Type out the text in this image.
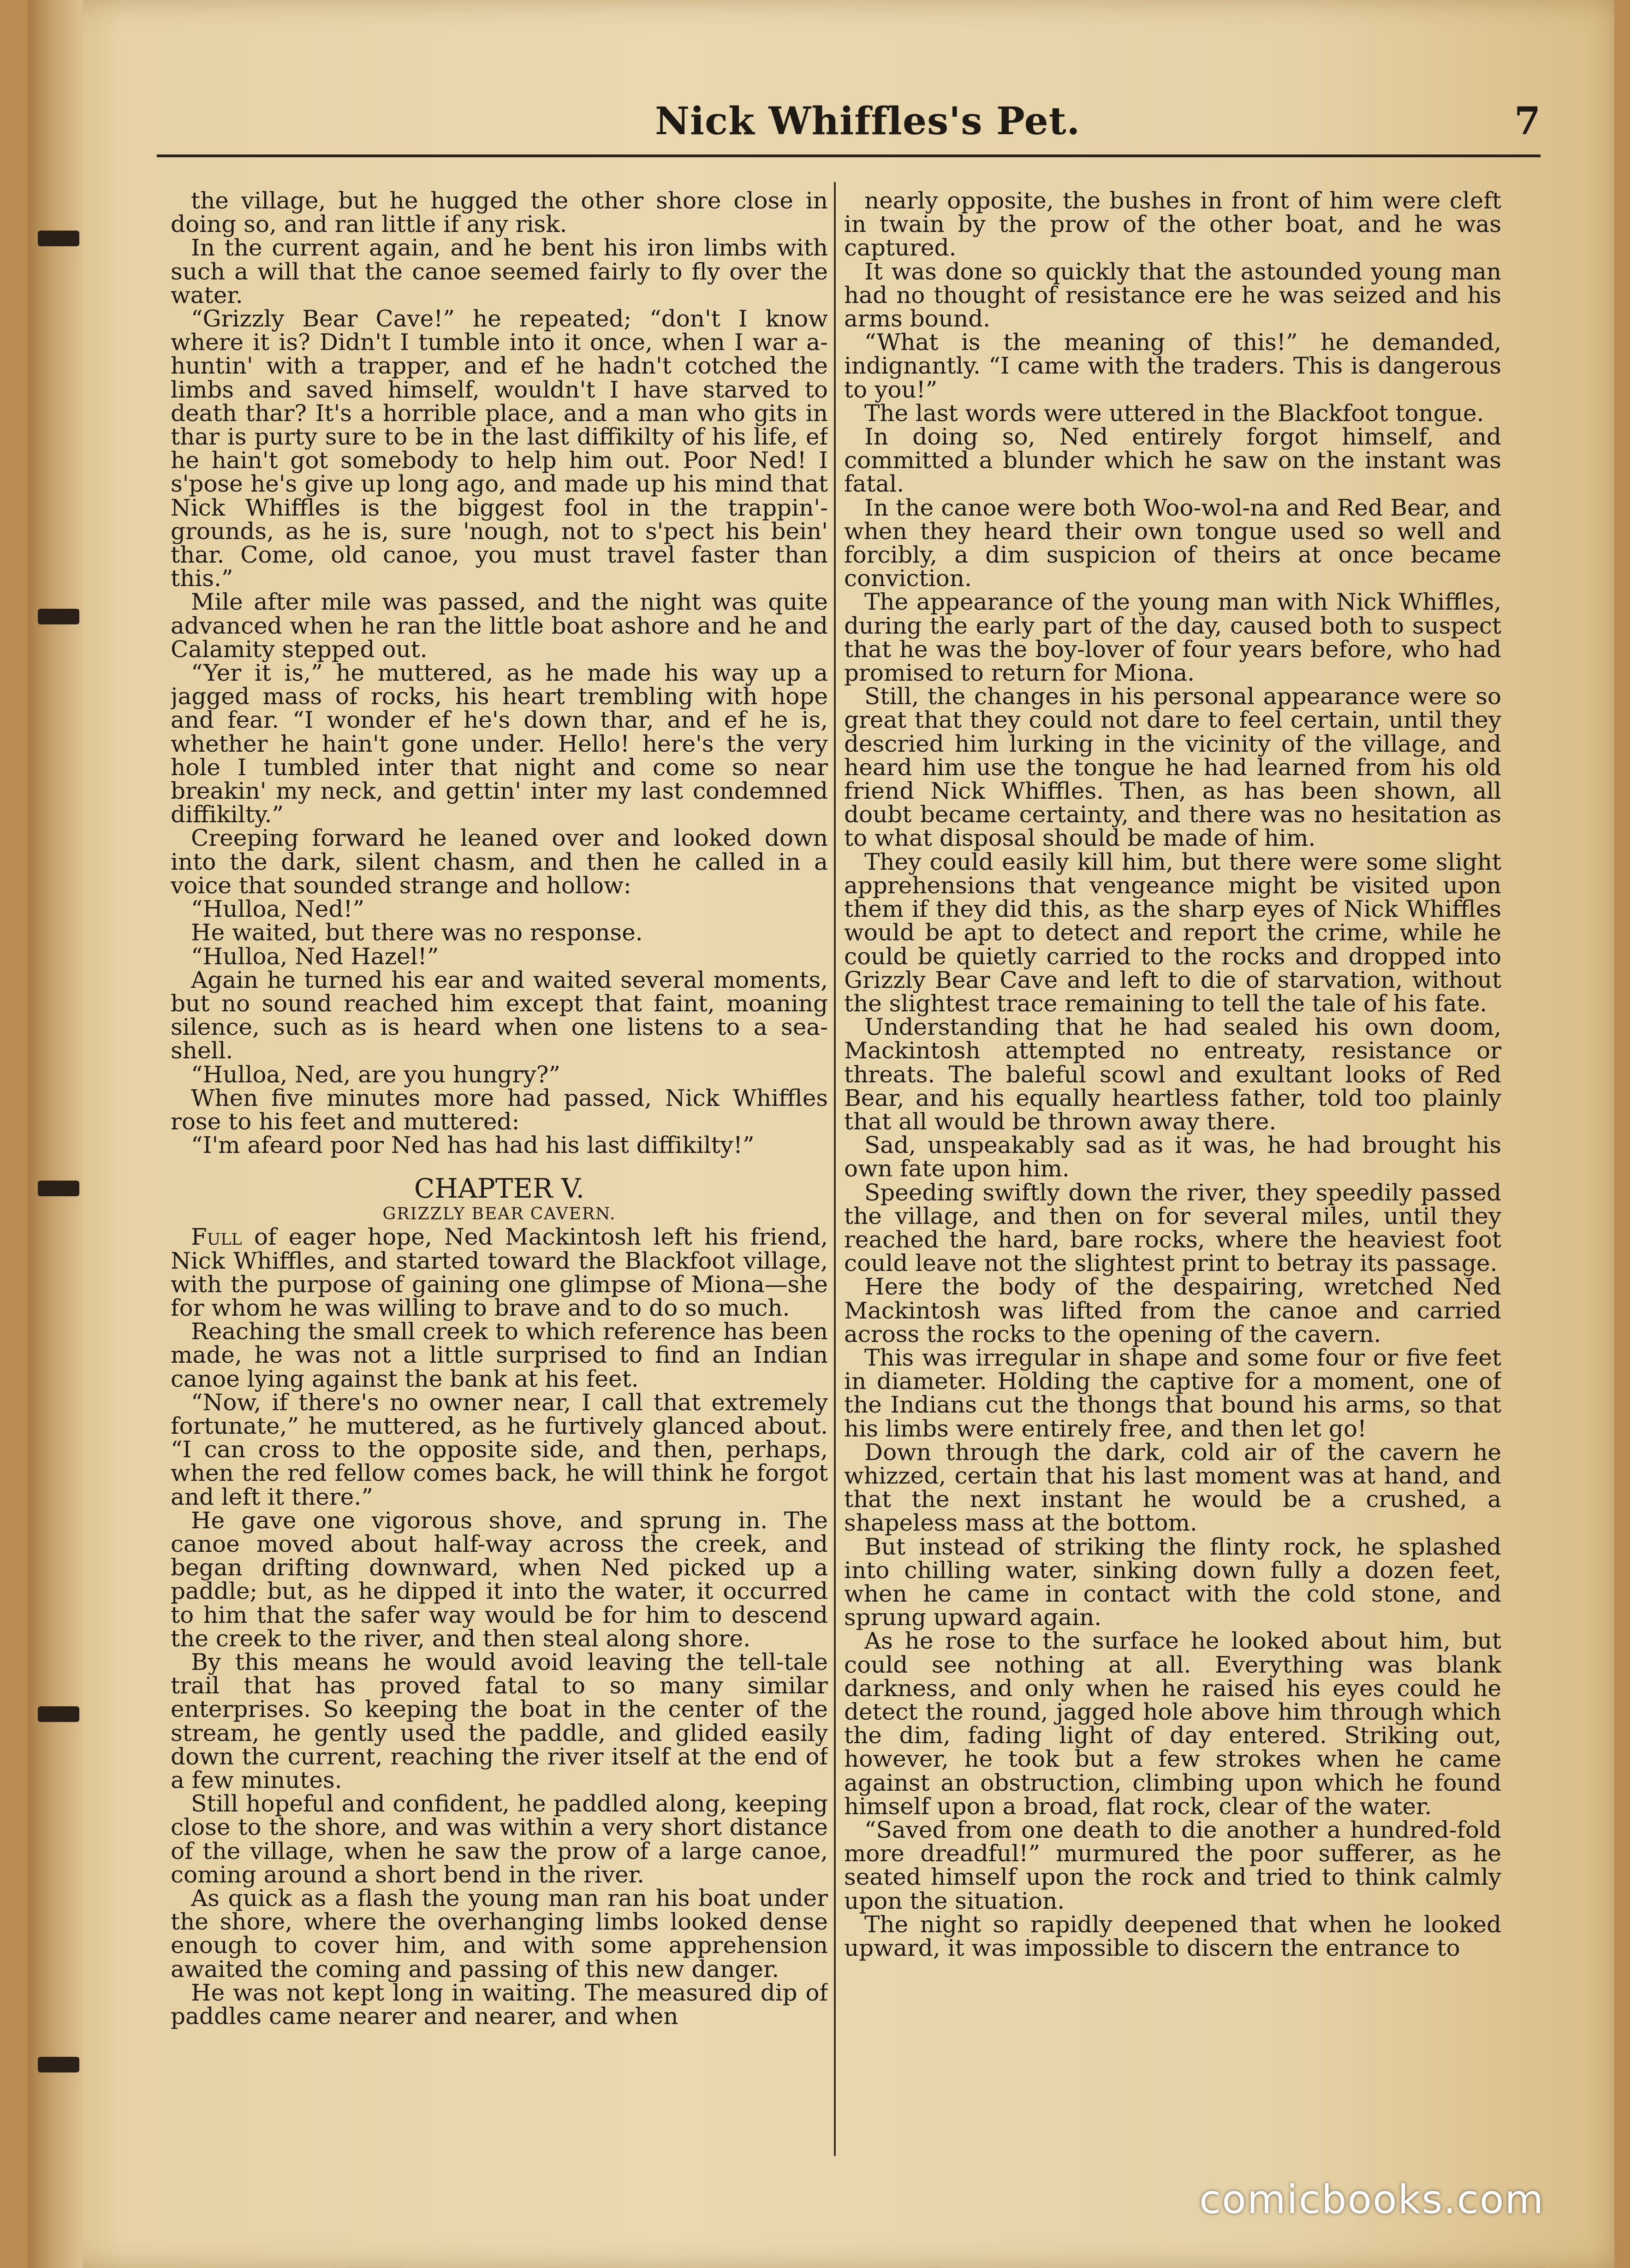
Nick Whiffles's Pet.	7

the village, but he hugged the other shore close in doing so, and ran little if any risk.

In the current again, and he bent his iron limbs with such a will that the canoe seemed fairly to fly over the water.

“Grizzly Bear Cave!” he repeated; “don't I know where it is? Didn't I tumble into it once, when I war a-huntin' with a trapper, and ef he hadn't cotched the limbs and saved himself, wouldn't I have starved to death thar? It's a horrible place, and a man who gits in thar is purty sure to be in the last diffikilty of his life, ef he hain't got somebody to help him out. Poor Ned! I s'pose he's give up long ago, and made up his mind that Nick Whiffles is the biggest fool in the trappin'-grounds, as he is, sure 'nough, not to s'pect his bein' thar. Come, old canoe, you must travel faster than this.”

Mile after mile was passed, and the night was quite advanced when he ran the little boat ashore and he and Calamity stepped out.

“Yer it is,” he muttered, as he made his way up a jagged mass of rocks, his heart trembling with hope and fear. “I wonder ef he's down thar, and ef he is, whether he hain't gone under. Hello! here's the very hole I tumbled inter that night and come so near breakin' my neck, and gettin' inter my last condemned diffikilty.”

Creeping forward he leaned over and looked down into the dark, silent chasm, and then he called in a voice that sounded strange and hollow:

“Hulloa, Ned!”

He waited, but there was no response.

“Hulloa, Ned Hazel!”

Again he turned his ear and waited several moments, but no sound reached him except that faint, moaning silence, such as is heard when one listens to a sea-shell.

“Hulloa, Ned, are you hungry?”

When five minutes more had passed, Nick Whiffles rose to his feet and muttered:

“I'm afeard poor Ned has had his last diffikilty!”

CHAPTER V.

GRIZZLY BEAR CAVERN.

Full of eager hope, Ned Mackintosh left his friend, Nick Whiffles, and started toward the Blackfoot village, with the purpose of gaining one glimpse of Miona—she for whom he was willing to brave and to do so much.

Reaching the small creek to which reference has been made, he was not a little surprised to find an Indian canoe lying against the bank at his feet.

“Now, if there's no owner near, I call that extremely fortunate,” he muttered, as he furtively glanced about. “I can cross to the opposite side, and then, perhaps, when the red fellow comes back, he will think he forgot and left it there.”

He gave one vigorous shove, and sprung in. The canoe moved about half-way across the creek, and began drifting downward, when Ned picked up a paddle; but, as he dipped it into the water, it occurred to him that the safer way would be for him to descend the creek to the river, and then steal along shore.

By this means he would avoid leaving the tell-tale trail that has proved fatal to so many similar enterprises. So keeping the boat in the center of the stream, he gently used the paddle, and glided easily down the current, reaching the river itself at the end of a few minutes.

Still hopeful and confident, he paddled along, keeping close to the shore, and was within a very short distance of the village, when he saw the prow of a large canoe, coming around a short bend in the river.

As quick as a flash the young man ran his boat under the shore, where the overhanging limbs looked dense enough to cover him, and with some apprehension awaited the coming and passing of this new danger.

He was not kept long in waiting. The measured dip of paddles came nearer and nearer, and when

nearly opposite, the bushes in front of him were cleft in twain by the prow of the other boat, and he was captured.

It was done so quickly that the astounded young man had no thought of resistance ere he was seized and his arms bound.

“What is the meaning of this!” he demanded, indignantly. “I came with the traders. This is dangerous to you!”

The last words were uttered in the Blackfoot tongue.

In doing so, Ned entirely forgot himself, and committed a blunder which he saw on the instant was fatal.

In the canoe were both Woo-wol-na and Red Bear, and when they heard their own tongue used so well and forcibly, a dim suspicion of theirs at once became conviction.

The appearance of the young man with Nick Whiffles, during the early part of the day, caused both to suspect that he was the boy-lover of four years before, who had promised to return for Miona.

Still, the changes in his personal appearance were so great that they could not dare to feel certain, until they descried him lurking in the vicinity of the village, and heard him use the tongue he had learned from his old friend Nick Whiffles. Then, as has been shown, all doubt became certainty, and there was no hesitation as to what disposal should be made of him.

They could easily kill him, but there were some slight apprehensions that vengeance might be visited upon them if they did this, as the sharp eyes of Nick Whiffles would be apt to detect and report the crime, while he could be quietly carried to the rocks and dropped into Grizzly Bear Cave and left to die of starvation, without the slightest trace remaining to tell the tale of his fate.

Understanding that he had sealed his own doom, Mackintosh attempted no entreaty, resistance or threats. The baleful scowl and exultant looks of Red Bear, and his equally heartless father, told too plainly that all would be thrown away there.

Sad, unspeakably sad as it was, he had brought his own fate upon him.

Speeding swiftly down the river, they speedily passed the village, and then on for several miles, until they reached the hard, bare rocks, where the heaviest foot could leave not the slightest print to betray its passage.

Here the body of the despairing, wretched Ned Mackintosh was lifted from the canoe and carried across the rocks to the opening of the cavern.

This was irregular in shape and some four or five feet in diameter. Holding the captive for a moment, one of the Indians cut the thongs that bound his arms, so that his limbs were entirely free, and then let go!

Down through the dark, cold air of the cavern he whizzed, certain that his last moment was at hand, and that the next instant he would be a crushed, a shapeless mass at the bottom.

But instead of striking the flinty rock, he splashed into chilling water, sinking down fully a dozen feet, when he came in contact with the cold stone, and sprung upward again.

As he rose to the surface he looked about him, but could see nothing at all. Everything was blank darkness, and only when he raised his eyes could he detect the round, jagged hole above him through which the dim, fading light of day entered. Striking out, however, he took but a few strokes when he came against an obstruction, climbing upon which he found himself upon a broad, flat rock, clear of the water.

“Saved from one death to die another a hundred-fold more dreadful!” murmured the poor sufferer, as he seated himself upon the rock and tried to think calmly upon the situation.

The night so rapidly deepened that when he looked upward, it was impossible to discern the entrance to

comicbooks.com
